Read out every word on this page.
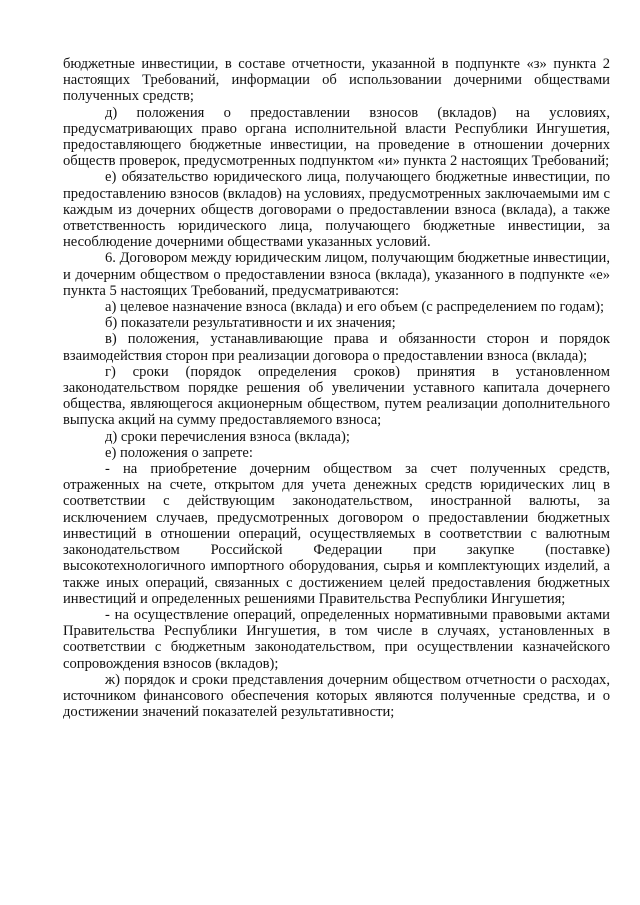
бюджетные инвестиции, в составе отчетности, указанной в подпункте «з» пункта 2 настоящих Требований, информации об использовании дочерними обществами полученных средств;

д) положения о предоставлении взносов (вкладов) на условиях, предусматривающих право органа исполнительной власти Республики Ингушетия, предоставляющего бюджетные инвестиции, на проведение в отношении дочерних обществ проверок, предусмотренных подпунктом «и» пункта 2 настоящих Требований;

е) обязательство юридического лица, получающего бюджетные инвестиции, по предоставлению взносов (вкладов) на условиях, предусмотренных заключаемыми им с каждым из дочерних обществ договорами о предоставлении взноса (вклада), а также ответственность юридического лица, получающего бюджетные инвестиции, за несоблюдение дочерними обществами указанных условий.

6. Договором между юридическим лицом, получающим бюджетные инвестиции, и дочерним обществом о предоставлении взноса (вклада), указанного в подпункте «е» пункта 5 настоящих Требований, предусматриваются:

а) целевое назначение взноса (вклада) и его объем (с распределением по годам);

б) показатели результативности и их значения;

в) положения, устанавливающие права и обязанности сторон и порядок взаимодействия сторон при реализации договора о предоставлении взноса (вклада);

г) сроки (порядок определения сроков) принятия в установленном законодательством порядке решения об увеличении уставного капитала дочернего общества, являющегося акционерным обществом, путем реализации дополнительного выпуска акций на сумму предоставляемого взноса;

д) сроки перечисления взноса (вклада);

е) положения о запрете:

- на приобретение дочерним обществом за счет полученных средств, отраженных на счете, открытом для учета денежных средств юридических лиц в соответствии с действующим законодательством, иностранной валюты, за исключением случаев, предусмотренных договором о предоставлении бюджетных инвестиций в отношении операций, осуществляемых в соответствии с валютным законодательством Российской Федерации при закупке (поставке) высокотехнологичного импортного оборудования, сырья и комплектующих изделий, а также иных операций, связанных с достижением целей предоставления бюджетных инвестиций и определенных решениями Правительства Республики Ингушетия;

- на осуществление операций, определенных нормативными правовыми актами Правительства Республики Ингушетия, в том числе в случаях, установленных в соответствии с бюджетным законодательством, при осуществлении казначейского сопровождения взносов (вкладов);

ж) порядок и сроки представления дочерним обществом отчетности о расходах, источником финансового обеспечения которых являются полученные средства, и о достижении значений показателей результативности;
